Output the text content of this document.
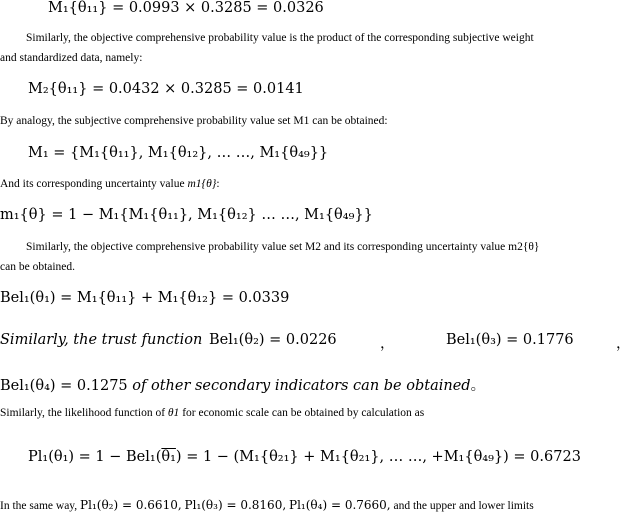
M₁{θ₁₁} = 0.0993 × 0.3285 = 0.0326
Similarly, the objective comprehensive probability value is the product of the corresponding subjective weight
and standardized data, namely:
M₂{θ₁₁} = 0.0432 × 0.3285 = 0.0141
By analogy, the subjective comprehensive probability value set M1 can be obtained:
M₁ = {M₁{θ₁₁}, M₁{θ₁₂}, … …, M₁{θ₄₉}}
And its corresponding uncertainty value m1{θ}:
m₁{θ} = 1 − M₁{M₁{θ₁₁}, M₁{θ₁₂} … …, M₁{θ₄₉}}
Similarly, the objective comprehensive probability value set M2 and its corresponding uncertainty value m2{θ}
can be obtained.
Bel₁(θ₁) = M₁{θ₁₁} + M₁{θ₁₂} = 0.0339
Similarly, the trust function Bel₁(θ₂) = 0.0226	，	Bel₁(θ₃) = 0.1776	，
Bel₁(θ₄) = 0.1275 of other secondary indicators can be obtained。
Similarly, the likelihood function of θ1 for economic scale can be obtained by calculation as
Pl₁(θ₁) = 1 − Bel₁(θ₁) = 1 − (M₁{θ₂₁} + M₁{θ₂₁}, … …, +M₁{θ₄₉}) = 0.6723
In the same way, Pl₁(θ₂) = 0.6610, Pl₁(θ₃) = 0.8160, Pl₁(θ₄) = 0.7660, and the upper and lower limits
